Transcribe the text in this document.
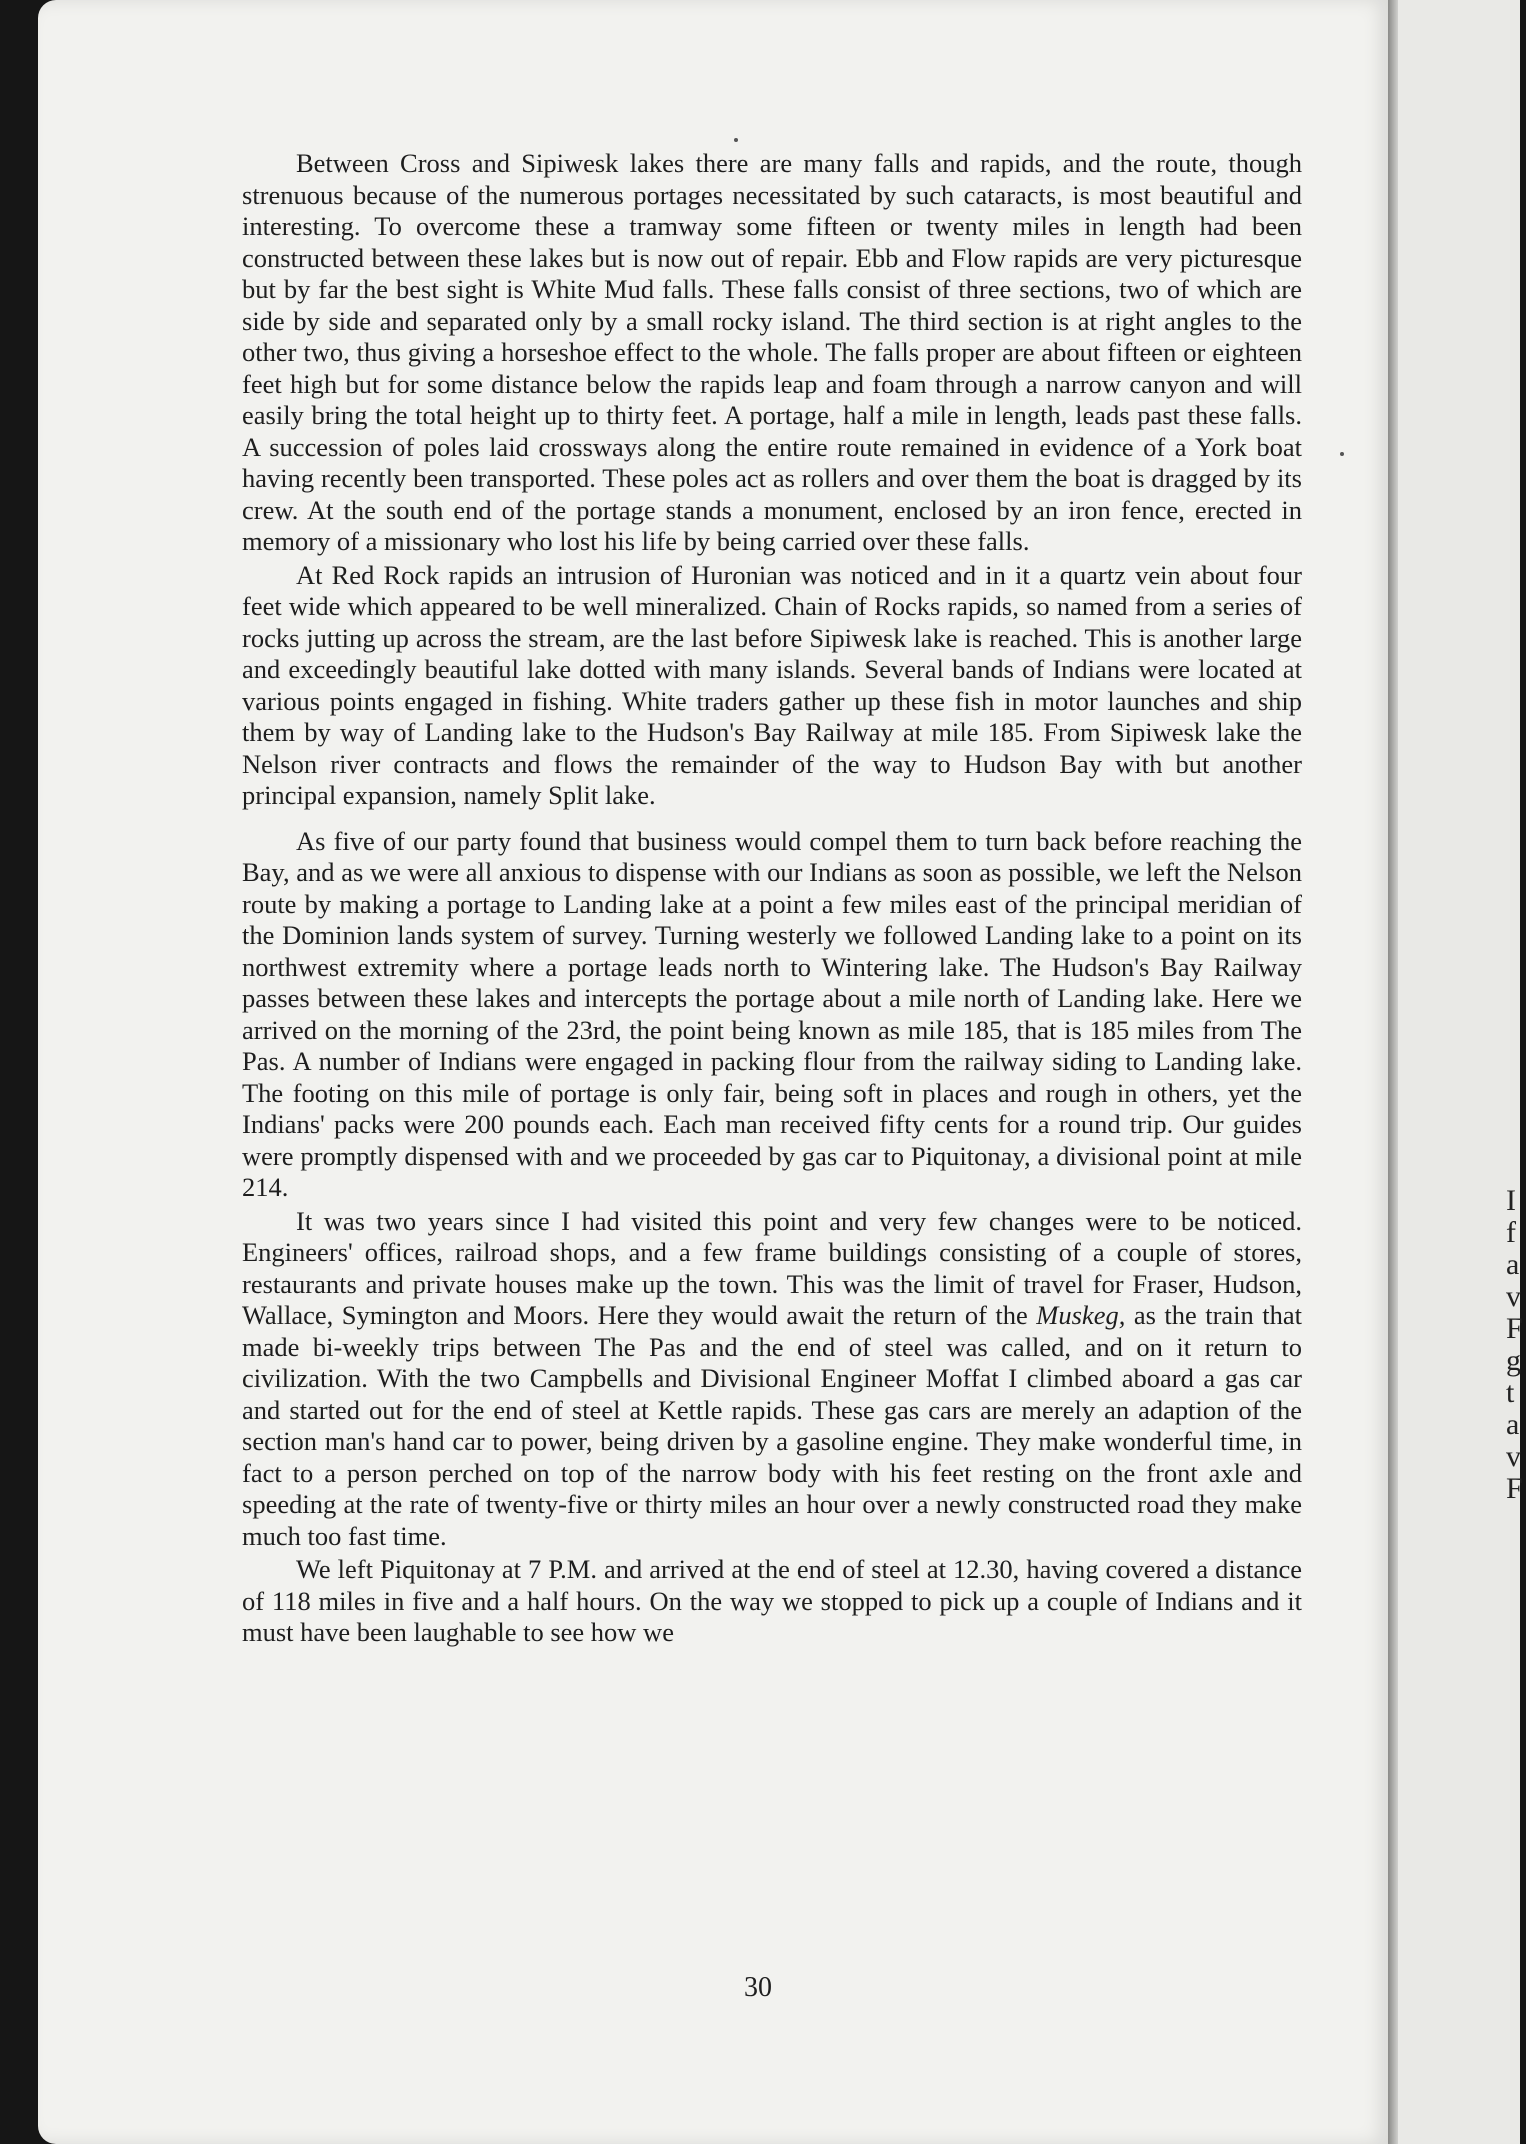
Between Cross and Sipiwesk lakes there are many falls and rapids, and the route, though strenuous because of the numerous portages necessitated by such cataracts, is most beautiful and interesting. To overcome these a tramway some fifteen or twenty miles in length had been constructed between these lakes but is now out of repair. Ebb and Flow rapids are very picturesque but by far the best sight is White Mud falls. These falls consist of three sections, two of which are side by side and separated only by a small rocky island. The third section is at right angles to the other two, thus giving a horseshoe effect to the whole. The falls proper are about fifteen or eighteen feet high but for some distance below the rapids leap and foam through a narrow canyon and will easily bring the total height up to thirty feet. A portage, half a mile in length, leads past these falls. A succession of poles laid crossways along the entire route remained in evidence of a York boat having recently been transported. These poles act as rollers and over them the boat is dragged by its crew. At the south end of the portage stands a monument, enclosed by an iron fence, erected in memory of a missionary who lost his life by being carried over these falls.

At Red Rock rapids an intrusion of Huronian was noticed and in it a quartz vein about four feet wide which appeared to be well mineralized. Chain of Rocks rapids, so named from a series of rocks jutting up across the stream, are the last before Sipiwesk lake is reached. This is another large and exceedingly beautiful lake dotted with many islands. Several bands of Indians were located at various points engaged in fishing. White traders gather up these fish in motor launches and ship them by way of Landing lake to the Hudson's Bay Railway at mile 185. From Sipiwesk lake the Nelson river contracts and flows the remainder of the way to Hudson Bay with but another principal expansion, namely Split lake.

As five of our party found that business would compel them to turn back before reaching the Bay, and as we were all anxious to dispense with our Indians as soon as possible, we left the Nelson route by making a portage to Landing lake at a point a few miles east of the principal meridian of the Dominion lands system of survey. Turning westerly we followed Landing lake to a point on its northwest extremity where a portage leads north to Wintering lake. The Hudson's Bay Railway passes between these lakes and intercepts the portage about a mile north of Landing lake. Here we arrived on the morning of the 23rd, the point being known as mile 185, that is 185 miles from The Pas. A number of Indians were engaged in packing flour from the railway siding to Landing lake. The footing on this mile of portage is only fair, being soft in places and rough in others, yet the Indians' packs were 200 pounds each. Each man received fifty cents for a round trip. Our guides were promptly dispensed with and we proceeded by gas car to Piquitonay, a divisional point at mile 214.

It was two years since I had visited this point and very few changes were to be noticed. Engineers' offices, railroad shops, and a few frame buildings consisting of a couple of stores, restaurants and private houses make up the town. This was the limit of travel for Fraser, Hudson, Wallace, Symington and Moors. Here they would await the return of the Muskeg, as the train that made bi-weekly trips between The Pas and the end of steel was called, and on it return to civilization. With the two Campbells and Divisional Engineer Moffat I climbed aboard a gas car and started out for the end of steel at Kettle rapids. These gas cars are merely an adaption of the section man's hand car to power, being driven by a gasoline engine. They make wonderful time, in fact to a person perched on top of the narrow body with his feet resting on the front axle and speeding at the rate of twenty-five or thirty miles an hour over a newly constructed road they make much too fast time.

We left Piquitonay at 7 P.M. and arrived at the end of steel at 12.30, having covered a distance of 118 miles in five and a half hours. On the way we stopped to pick up a couple of Indians and it must have been laughable to see how we

30
I
f
a
v
F
g
t
a
v
F
